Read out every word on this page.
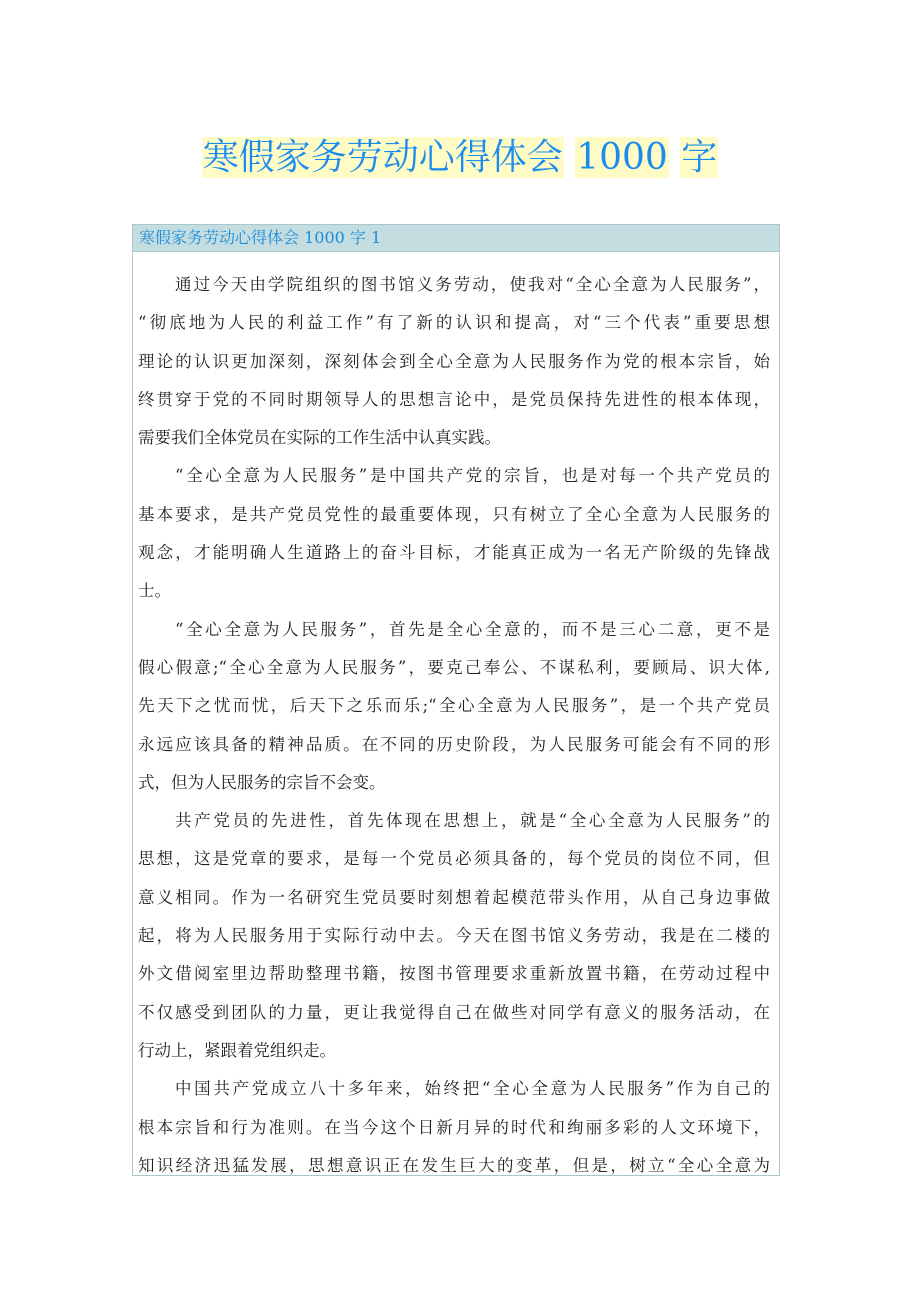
寒假家务劳动心得体会 1000 字
寒假家务劳动心得体会 1000 字 1
通过今天由学院组织的图书馆义务劳动，使我对“全心全意为人民服务”，
“彻底地为人民的利益工作”有了新的认识和提高，对“三个代表”重要思想
理论的认识更加深刻，深刻体会到全心全意为人民服务作为党的根本宗旨，始
终贯穿于党的不同时期领导人的思想言论中，是党员保持先进性的根本体现，
需要我们全体党员在实际的工作生活中认真实践。
“全心全意为人民服务”是中国共产党的宗旨，也是对每一个共产党员的
基本要求，是共产党员党性的最重要体现，只有树立了全心全意为人民服务的
观念，才能明确人生道路上的奋斗目标，才能真正成为一名无产阶级的先锋战
士。
“全心全意为人民服务”，首先是全心全意的，而不是三心二意，更不是
假心假意;“全心全意为人民服务”，要克己奉公、不谋私利，要顾局、识大体,
先天下之忧而忧，后天下之乐而乐;“全心全意为人民服务”，是一个共产党员
永远应该具备的精神品质。在不同的历史阶段，为人民服务可能会有不同的形
式，但为人民服务的宗旨不会变。
共产党员的先进性，首先体现在思想上，就是“全心全意为人民服务”的
思想，这是党章的要求，是每一个党员必须具备的，每个党员的岗位不同，但
意义相同。作为一名研究生党员要时刻想着起模范带头作用，从自己身边事做
起，将为人民服务用于实际行动中去。今天在图书馆义务劳动，我是在二楼的
外文借阅室里边帮助整理书籍，按图书管理要求重新放置书籍，在劳动过程中
不仅感受到团队的力量，更让我觉得自己在做些对同学有意义的服务活动，在
行动上，紧跟着党组织走。
中国共产党成立八十多年来，始终把“全心全意为人民服务”作为自己的
根本宗旨和行为准则。在当今这个日新月异的时代和绚丽多彩的人文环境下，
知识经济迅猛发展，思想意识正在发生巨大的变革，但是，树立“全心全意为
